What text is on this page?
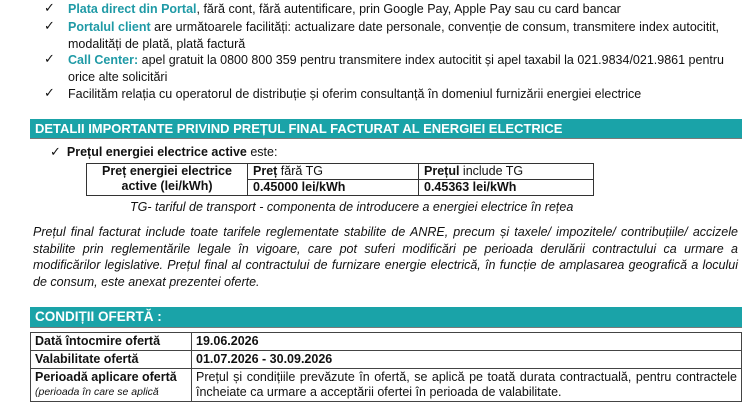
✓ Plata direct din Portal, fără cont, fără autentificare, prin Google Pay, Apple Pay sau cu card bancar
✓ Portalul client are următoarele facilități: actualizare date personale, convenție de consum, transmitere index autocitit, modalități de plată, plată factură
✓ Call Center: apel gratuit la 0800 800 359 pentru transmitere index autocitit și apel taxabil la 021.9834/021.9861 pentru orice alte solicitări
✓ Facilităm relația cu operatorul de distribuție și oferim consultanță în domeniul furnizării energiei electrice
DETALII IMPORTANTE PRIVIND PREȚUL FINAL FACTURAT AL ENERGIEI ELECTRICE
✓ Prețul energiei electrice active este:
Preț energiei electrice active (lei/kWh)	Preț fără TG	Prețul include TG
	0.45000 lei/kWh	0.45363 lei/kWh
TG- tariful de transport - componenta de introducere a energiei electrice în rețea
Prețul final facturat include toate tarifele reglementate stabilite de ANRE, precum și taxele/ impozitele/ contribuțiile/ accizele stabilite prin reglementările legale în vigoare, care pot suferi modificări pe perioada derulării contractului ca urmare a modificărilor legislative. Prețul final al contractului de furnizare energie electrică, în funcție de amplasarea geografică a locului de consum, este anexat prezentei oferte.
CONDIȚII OFERTĂ :
Dată întocmire ofertă	19.06.2026
Valabilitate ofertă	01.07.2026 - 30.09.2026
Perioadă aplicare ofertă
(perioada în care se aplică	Prețul și condițiile prevăzute în ofertă, se aplică pe toată durata contractuală, pentru contractele încheiate ca urmare a acceptării ofertei în perioada de valabilitate.
